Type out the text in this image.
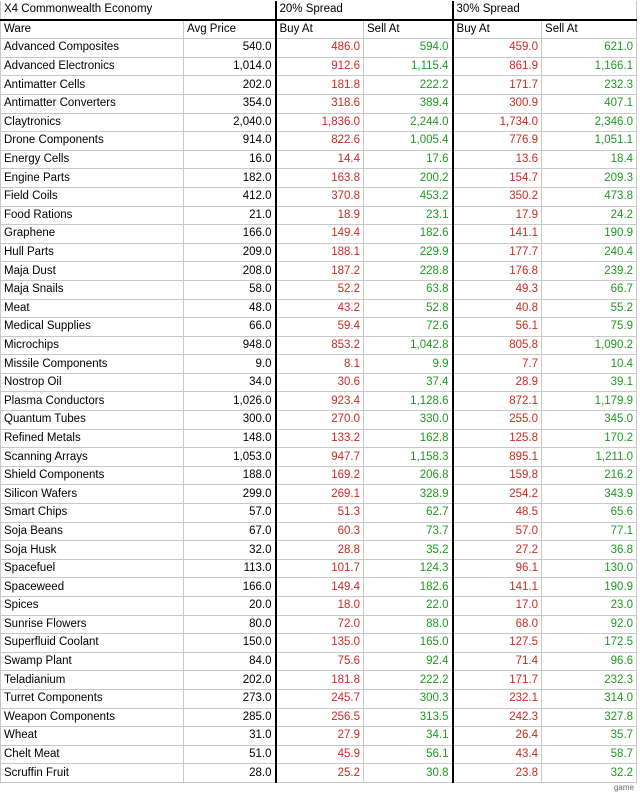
X4 Commonwealth Economy		20% Spread		30% Spread	
Ware	Avg Price	Buy At	Sell At	Buy At	Sell At
Advanced Composites	540.0	486.0	594.0	459.0	621.0
Advanced Electronics	1,014.0	912.6	1,115.4	861.9	1,166.1
Antimatter Cells	202.0	181.8	222.2	171.7	232.3
Antimatter Converters	354.0	318.6	389.4	300.9	407.1
Claytronics	2,040.0	1,836.0	2,244.0	1,734.0	2,346.0
Drone Components	914.0	822.6	1,005.4	776.9	1,051.1
Energy Cells	16.0	14.4	17.6	13.6	18.4
Engine Parts	182.0	163.8	200.2	154.7	209.3
Field Coils	412.0	370.8	453.2	350.2	473.8
Food Rations	21.0	18.9	23.1	17.9	24.2
Graphene	166.0	149.4	182.6	141.1	190.9
Hull Parts	209.0	188.1	229.9	177.7	240.4
Maja Dust	208.0	187.2	228.8	176.8	239.2
Maja Snails	58.0	52.2	63.8	49.3	66.7
Meat	48.0	43.2	52.8	40.8	55.2
Medical Supplies	66.0	59.4	72.6	56.1	75.9
Microchips	948.0	853.2	1,042.8	805.8	1,090.2
Missile Components	9.0	8.1	9.9	7.7	10.4
Nostrop Oil	34.0	30.6	37.4	28.9	39.1
Plasma Conductors	1,026.0	923.4	1,128.6	872.1	1,179.9
Quantum Tubes	300.0	270.0	330.0	255.0	345.0
Refined Metals	148.0	133.2	162.8	125.8	170.2
Scanning Arrays	1,053.0	947.7	1,158.3	895.1	1,211.0
Shield Components	188.0	169.2	206.8	159.8	216.2
Silicon Wafers	299.0	269.1	328.9	254.2	343.9
Smart Chips	57.0	51.3	62.7	48.5	65.6
Soja Beans	67.0	60.3	73.7	57.0	77.1
Soja Husk	32.0	28.8	35.2	27.2	36.8
Spacefuel	113.0	101.7	124.3	96.1	130.0
Spaceweed	166.0	149.4	182.6	141.1	190.9
Spices	20.0	18.0	22.0	17.0	23.0
Sunrise Flowers	80.0	72.0	88.0	68.0	92.0
Superfluid Coolant	150.0	135.0	165.0	127.5	172.5
Swamp Plant	84.0	75.6	92.4	71.4	96.6
Teladianium	202.0	181.8	222.2	171.7	232.3
Turret Components	273.0	245.7	300.3	232.1	314.0
Weapon Components	285.0	256.5	313.5	242.3	327.8
Wheat	31.0	27.9	34.1	26.4	35.7
Chelt Meat	51.0	45.9	56.1	43.4	58.7
Scruffin Fruit	28.0	25.2	30.8	23.8	32.2
game
